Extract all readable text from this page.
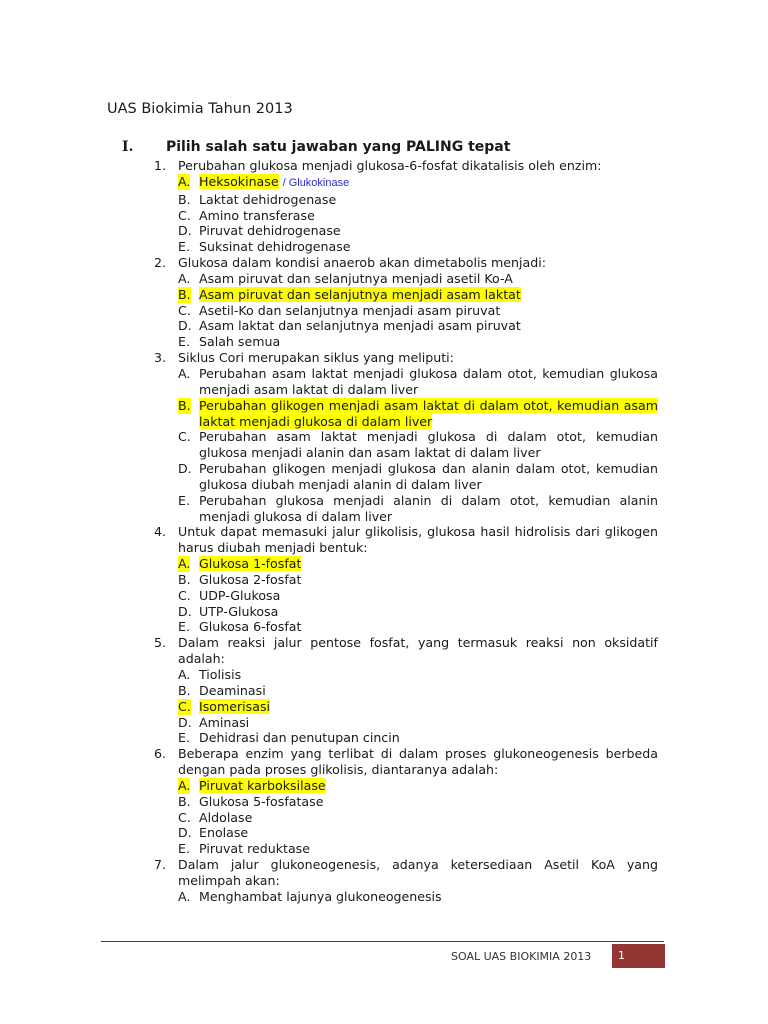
UAS Biokimia Tahun 2013
I. Pilih salah satu jawaban yang PALING tepat
1. Perubahan glukosa menjadi glukosa-6-fosfat dikatalisis oleh enzim:
A. Heksokinase / Glukokinase
B. Laktat dehidrogenase
C. Amino transferase
D. Piruvat dehidrogenase
E. Suksinat dehidrogenase
2. Glukosa dalam kondisi anaerob akan dimetabolis menjadi:
A. Asam piruvat dan selanjutnya menjadi asetil Ko-A
B. Asam piruvat dan selanjutnya menjadi asam laktat
C. Asetil-Ko dan selanjutnya menjadi asam piruvat
D. Asam laktat dan selanjutnya menjadi asam piruvat
E. Salah semua
3. Siklus Cori merupakan siklus yang meliputi:
A. Perubahan asam laktat menjadi glukosa dalam otot, kemudian glukosa menjadi asam laktat di dalam liver
B. Perubahan glikogen menjadi asam laktat di dalam otot, kemudian asam laktat menjadi glukosa di dalam liver
C. Perubahan asam laktat menjadi glukosa di dalam otot, kemudian glukosa menjadi alanin dan asam laktat di dalam liver
D. Perubahan glikogen menjadi glukosa dan alanin dalam otot, kemudian glukosa diubah menjadi alanin di dalam liver
E. Perubahan glukosa menjadi alanin di dalam otot, kemudian alanin menjadi glukosa di dalam liver
4. Untuk dapat memasuki jalur glikolisis, glukosa hasil hidrolisis dari glikogen harus diubah menjadi bentuk:
A. Glukosa 1-fosfat
B. Glukosa 2-fosfat
C. UDP-Glukosa
D. UTP-Glukosa
E. Glukosa 6-fosfat
5. Dalam reaksi jalur pentose fosfat, yang termasuk reaksi non oksidatif adalah:
A. Tiolisis
B. Deaminasi
C. Isomerisasi
D. Aminasi
E. Dehidrasi dan penutupan cincin
6. Beberapa enzim yang terlibat di dalam proses glukoneogenesis berbeda dengan pada proses glikolisis, diantaranya adalah:
A. Piruvat karboksilase
B. Glukosa 5-fosfatase
C. Aldolase
D. Enolase
E. Piruvat reduktase
7. Dalam jalur glukoneogenesis, adanya ketersediaan Asetil KoA yang melimpah akan:
A. Menghambat lajunya glukoneogenesis
SOAL UAS BIOKIMIA 2013	1
